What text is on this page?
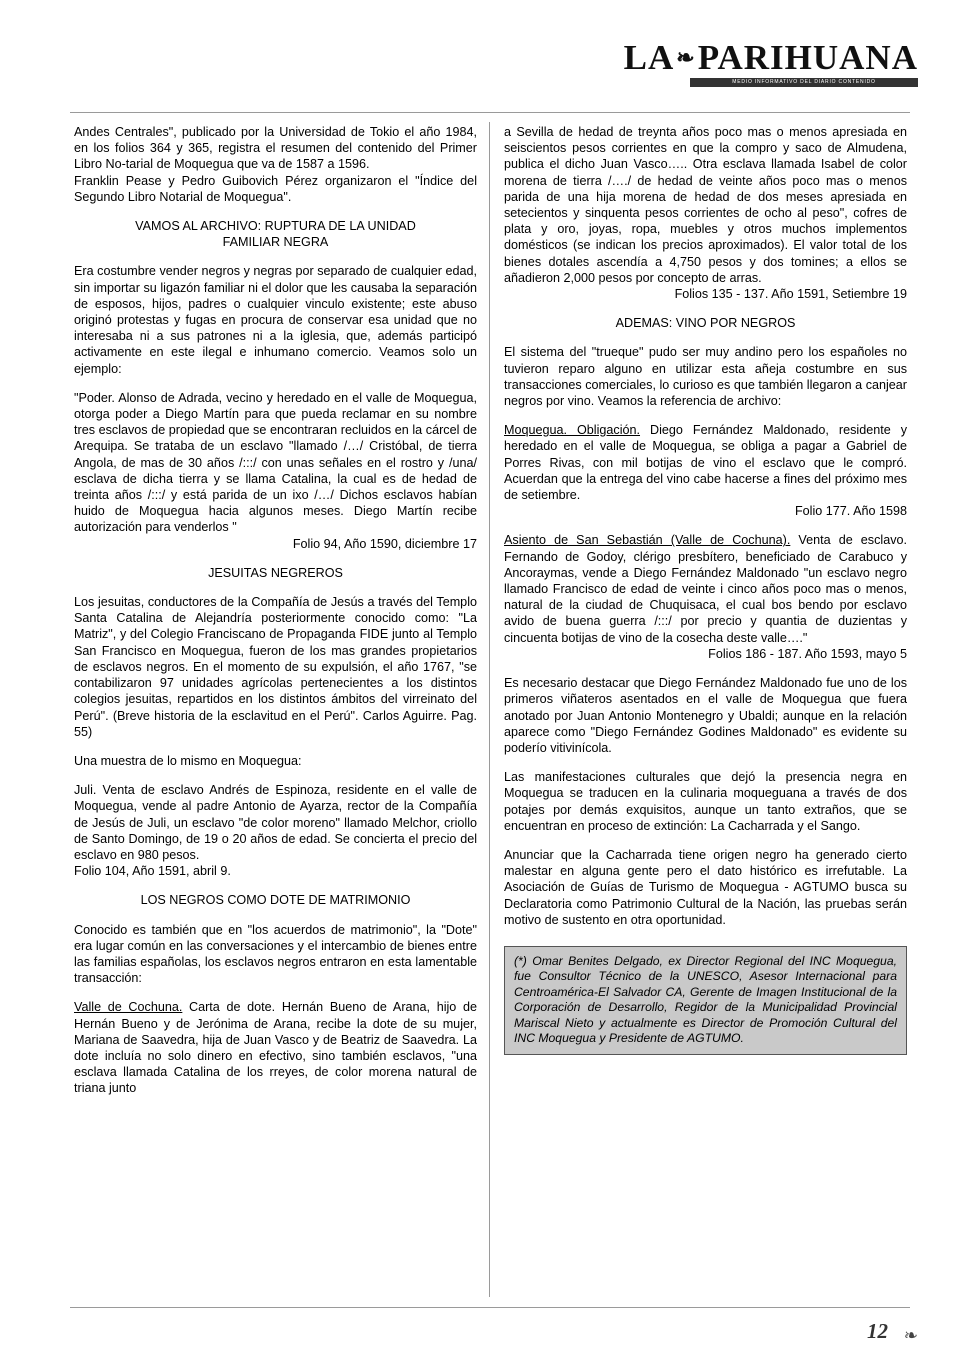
LA❧PARIHUANA
MEDIO INFORMATIVO DEL DIARIO CONTENIDO

Andes Centrales", publicado por la Universidad de Tokio el año 1984, en los folios 364 y 365, registra el resumen del contenido del Primer Libro No-tarial de Moquegua que va de 1587 a 1596.

Franklin Pease y Pedro Guibovich Pérez organizaron el "Índice del Segundo Libro Notarial de Moquegua".

VAMOS AL ARCHIVO: RUPTURA DE LA UNIDAD
FAMILIAR NEGRA

Era costumbre vender negros y negras por separado de cualquier edad, sin importar su ligazón familiar ni el dolor que les causaba la separación de esposos, hijos, padres o cualquier vinculo existente; este abuso originó protestas y fugas en procura de conservar esa unidad que no interesaba ni a sus patrones ni a la iglesia, que, además participó activamente en este ilegal e inhumano comercio. Veamos solo un ejemplo:

"Poder. Alonso de Adrada, vecino y heredado en el valle de Moquegua, otorga poder a Diego Martín para que pueda reclamar en su nombre tres esclavos de propiedad que se encontraran recluidos en la cárcel de Arequipa. Se trataba de un esclavo "llamado /…/ Cristóbal, de tierra Angola, de mas de 30 años /:::/ con unas señales en el rostro y /una/ esclava de dicha tierra y se llama Catalina, la cual es de hedad de treinta años /:::/ y está parida de un ixo /…/ Dichos esclavos habían huido de Moquegua hacia algunos meses. Diego Martín recibe autorización para venderlos "

Folio 94, Año 1590, diciembre 17

JESUITAS NEGREROS

Los jesuitas, conductores de la Compañía de Jesús a través del Templo Santa Catalina de Alejandría posteriormente conocido como: "La Matriz", y del Colegio Franciscano de Propaganda FIDE junto al Templo San Francisco en Moquegua, fueron de los mas grandes propietarios de esclavos negros. En el momento de su expulsión, el año 1767, "se contabilizaron 97 unidades agrícolas pertenecientes a los distintos colegios jesuitas, repartidos en los distintos ámbitos del virreinato del Perú". (Breve historia de la esclavitud en el Perú". Carlos Aguirre. Pag. 55)

Una muestra de lo mismo en Moquegua:

Juli. Venta de esclavo Andrés de Espinoza, residente en el valle de Moquegua, vende al padre Antonio de Ayarza, rector de la Compañía de Jesús de Juli, un esclavo "de color moreno" llamado Melchor, criollo de Santo Domingo, de 19 o 20 años de edad. Se concierta el precio del esclavo en 980 pesos.

Folio 104, Año 1591, abril 9.

LOS NEGROS COMO DOTE DE MATRIMONIO

Conocido es también que en "los acuerdos de matrimonio", la "Dote" era lugar común en las conversaciones y el intercambio de bienes entre las familias españolas, los esclavos negros entraron en esta lamentable transacción:

Valle de Cochuna. Carta de dote. Hernán Bueno de Arana, hijo de Hernán Bueno y de Jerónima de Arana, recibe la dote de su mujer, Mariana de Saavedra, hija de Juan Vasco y de Beatriz de Saavedra. La dote incluía no solo dinero en efectivo, sino también esclavos, "una esclava llamada Catalina de los rreyes, de color morena natural de triana junto

a Sevilla de hedad de treynta años poco mas o menos apresiada en seiscientos pesos corrientes en que la compro y saco de Almudena, publica el dicho Juan Vasco….. Otra esclava llamada Isabel de color morena de tierra /…./ de hedad de veinte años poco mas o menos parida de una hija morena de hedad de dos meses apresiada en setecientos y sinquenta pesos corrientes de ocho al peso", cofres de plata y oro, joyas, ropa, muebles y otros muchos implementos domésticos (se indican los precios aproximados). El valor total de los bienes dotales ascendía a 4,750 pesos y dos tomines; a ellos se añadieron 2,000 pesos por concepto de arras.

Folios 135 - 137. Año 1591, Setiembre 19

ADEMAS: VINO POR NEGROS

El sistema del "trueque" pudo ser muy andino pero los españoles no tuvieron reparo alguno en utilizar esta añeja costumbre en sus transacciones comerciales, lo curioso es que también llegaron a canjear negros por vino. Veamos la referencia de archivo:

Moquegua. Obligación. Diego Fernández Maldonado, residente y heredado en el valle de Moquegua, se obliga a pagar a Gabriel de Porres Rivas, con mil botijas de vino el esclavo que le compró. Acuerdan que la entrega del vino cabe hacerse a fines del próximo mes de setiembre.

Folio 177. Año 1598

Asiento de San Sebastián (Valle de Cochuna). Venta de esclavo. Fernando de Godoy, clérigo presbítero, beneficiado de Carabuco y Ancoraymas, vende a Diego Fernández Maldonado "un esclavo negro llamado Francisco de edad de veinte i cinco años poco mas o menos, natural de la ciudad de Chuquisaca, el cual bos bendo por esclavo avido de buena guerra /:::/ por precio y quantia de duzientas y cincuenta botijas de vino de la cosecha deste valle…."

Folios 186 - 187. Año 1593, mayo 5

Es necesario destacar que Diego Fernández Maldonado fue uno de los primeros viñateros asentados en el valle de Moquegua que fuera anotado por Juan Antonio Montenegro y Ubaldi; aunque en la relación aparece como "Diego Fernández Godines Maldonado" es evidente su poderío vitivinícola.

Las manifestaciones culturales que dejó la presencia negra en Moquegua se traducen en la culinaria moqueguana a través de dos potajes por demás exquisitos, aunque un tanto extraños, que se encuentran en proceso de extinción: La Cacharrada y el Sango.

Anunciar que la Cacharrada tiene origen negro ha generado cierto malestar en alguna gente pero el dato histórico es irrefutable. La Asociación de Guías de Turismo de Moquegua - AGTUMO busca su Declaratoria como Patrimonio Cultural de la Nación, las pruebas serán motivo de sustento en otra oportunidad.

(*) Omar Benites Delgado, ex Director Regional del INC Moquegua, fue Consultor Técnico de la UNESCO, Asesor Internacional para Centroamérica-El Salvador CA, Gerente de Imagen Institucional de la Corporación de Desarrollo, Regidor de la Municipalidad Provincial Mariscal Nieto y actualmente es Director de Promoción Cultural del INC Moquegua y Presidente de AGTUMO.
12 ❧
